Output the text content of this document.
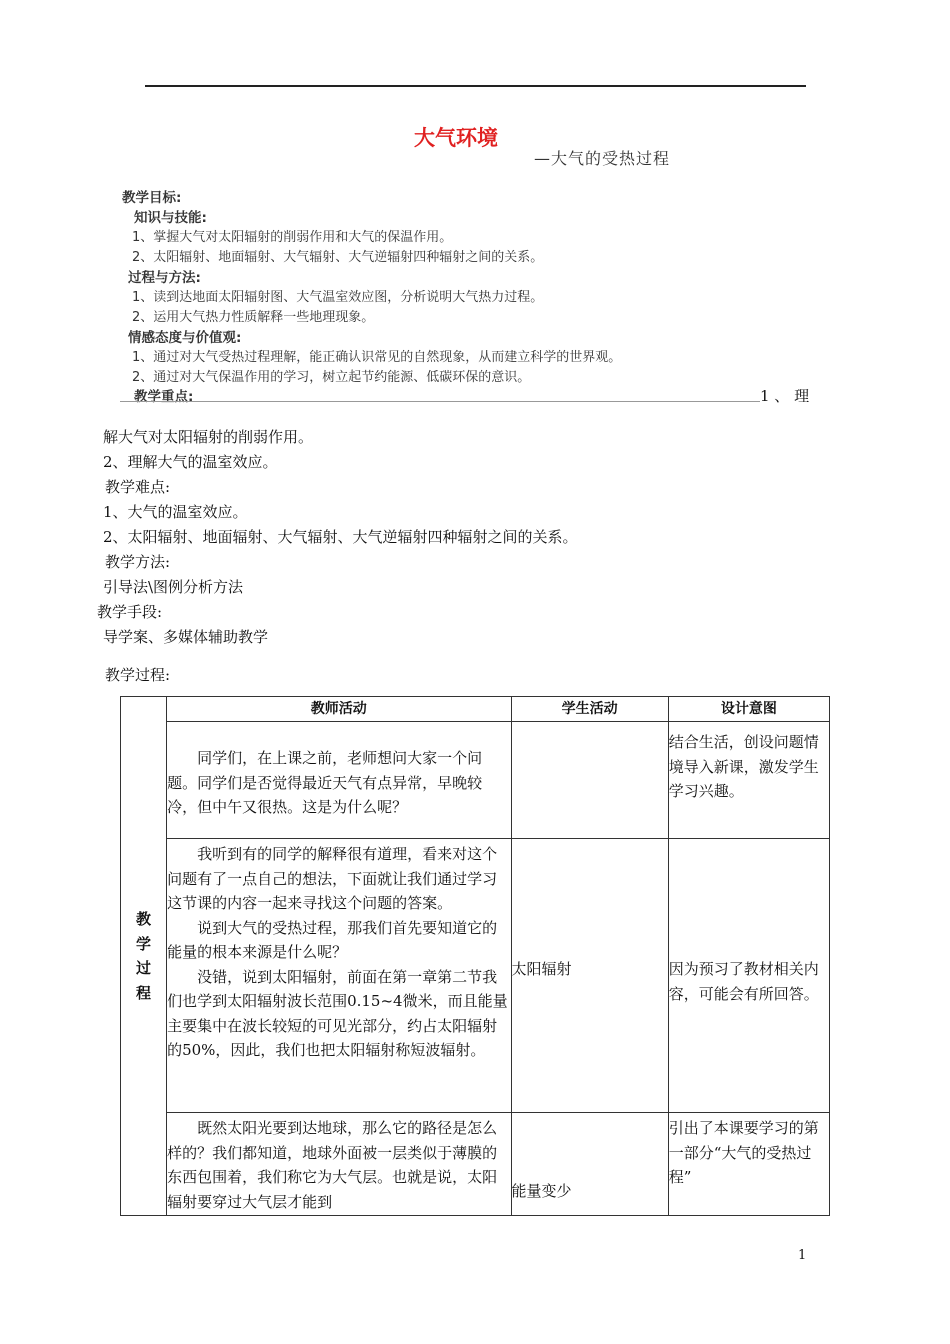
大气环境
—大气的受热过程
教学目标:
知识与技能:
1、掌握大气对太阳辐射的削弱作用和大气的保温作用。
2、太阳辐射、地面辐射、大气辐射、大气逆辐射四种辐射之间的关系。
过程与方法:
1、读到达地面太阳辐射图、大气温室效应图，分析说明大气热力过程。
2、运用大气热力性质解释一些地理现象。
情感态度与价值观:
1、通过对大气受热过程理解，能正确认识常见的自然现象，从而建立科学的世界观。
2、通过对大气保温作用的学习，树立起节约能源、低碳环保的意识。
教学重点:	1 、 理
解大气对太阳辐射的削弱作用。
2、理解大气的温室效应。
教学难点:
1、大气的温室效应。
2、太阳辐射、地面辐射、大气辐射、大气逆辐射四种辐射之间的关系。
教学方法:
引导法\图例分析方法
教学手段:
导学案、多媒体辅助教学
教学过程:
教
学
过
程	教师活动	学生活动	设计意图

	同学们，在上课之前，老师想问大家一个问题。同学们是否觉得最近天气有点异常，早晚较冷，但中午又很热。这是为什么呢？		结合生活，创设问题情境导入新课，激发学生学习兴趣。

	我听到有的同学的解释很有道理，看来对这个问题有了一点自己的想法，下面就让我们通过学习这节课的内容一起来寻找这个问题的答案。
说到大气的受热过程，那我们首先要知道它的能量的根本来源是什么呢？
没错，说到太阳辐射，前面在第一章第二节我们也学到太阳辐射波长范围0.15~4微米，而且能量主要集中在波长较短的可见光部分，约占太阳辐射的50%，因此，我们也把太阳辐射称短波辐射。	太阳辐射	因为预习了教材相关内容，可能会有所回答。

	既然太阳光要到达地球，那么它的路径是怎么样的？我们都知道，地球外面被一层类似于薄膜的东西包围着，我们称它为大气层。也就是说，太阳辐射要穿过大气层才能到	能量变少	引出了本课要学习的第一部分“大气的受热过程”
1
